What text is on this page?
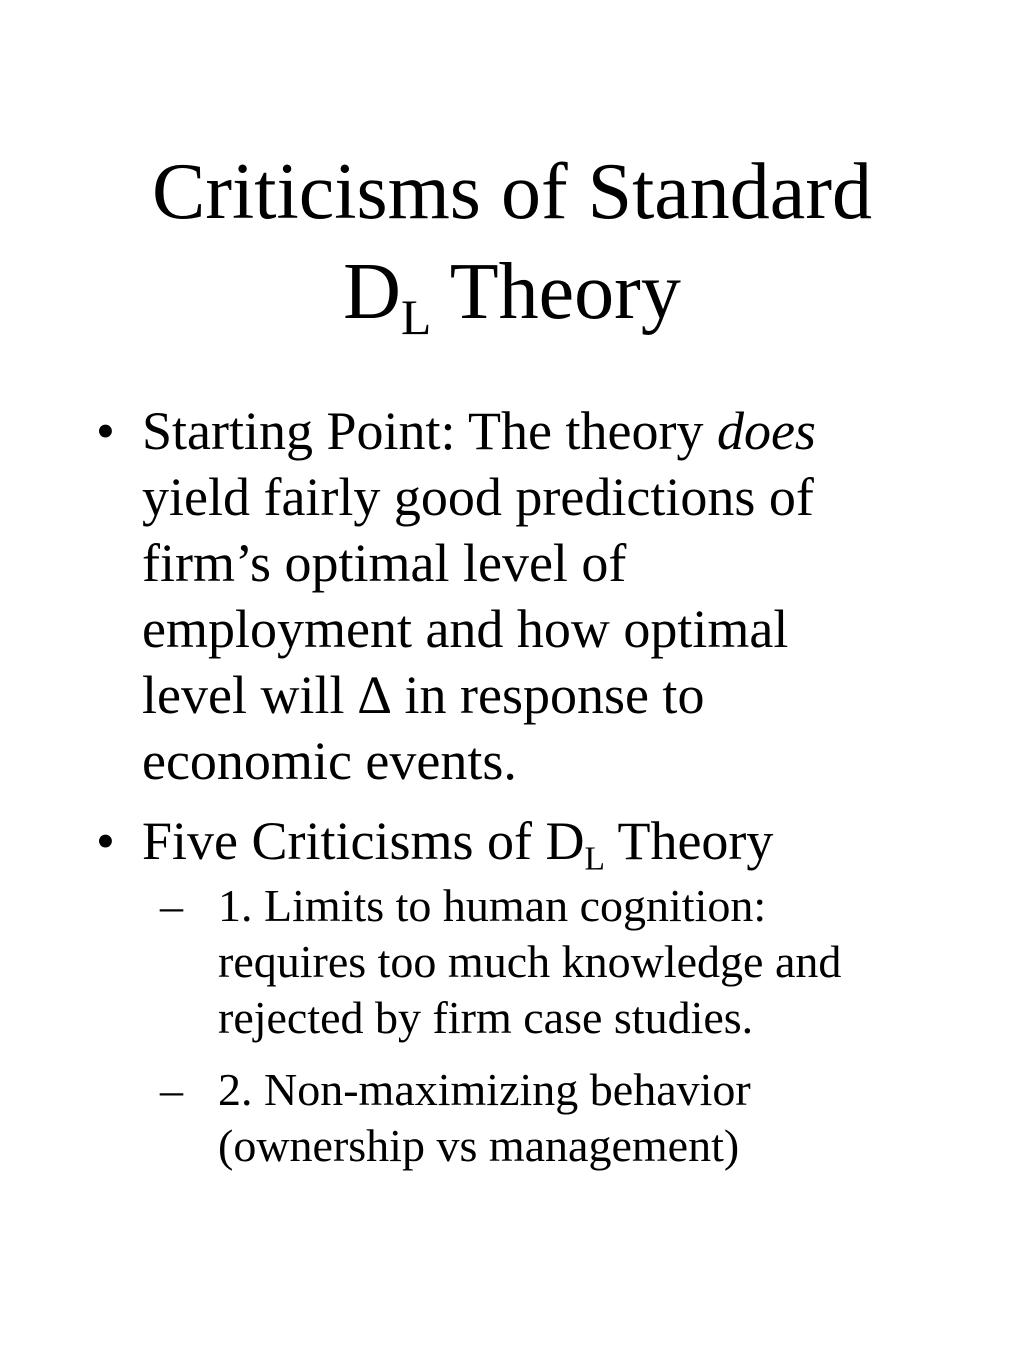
Criticisms of Standard
$D_L$ Theory
• Starting Point: The theory does
yield fairly good predictions of
firm’s optimal level of
employment and how optimal
level will ∆ in response to
economic events.
• Five Criticisms of $D_L$ Theory
– 1. Limits to human cognition:
requires too much knowledge and
rejected by firm case studies.
– 2. Non-maximizing behavior
(ownership vs management)
